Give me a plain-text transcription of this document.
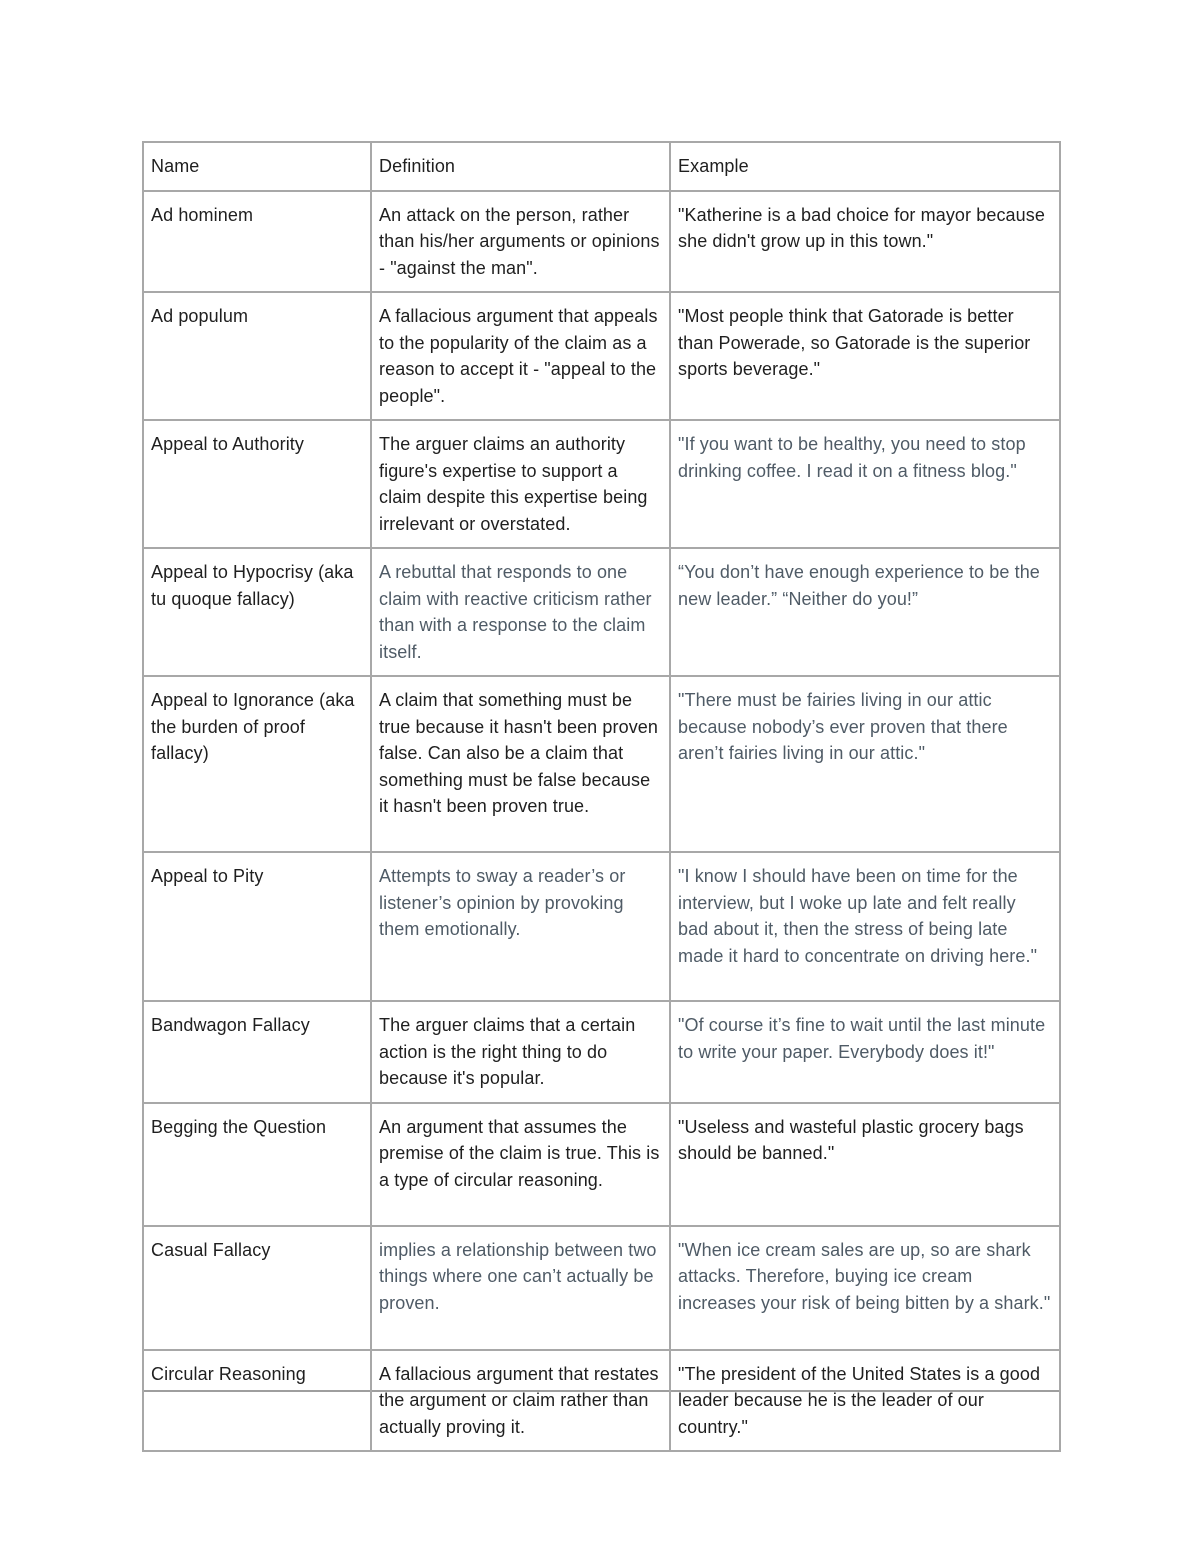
Name	Definition	Example
Ad hominem	An attack on the person, rather than his/her arguments or opinions - "against the man".	"Katherine is a bad choice for mayor because she didn't grow up in this town."
Ad populum	A fallacious argument that appeals to the popularity of the claim as a reason to accept it - "appeal to the people".	"Most people think that Gatorade is better than Powerade, so Gatorade is the superior sports beverage."
Appeal to Authority	The arguer claims an authority figure's expertise to support a claim despite this expertise being irrelevant or overstated.	"If you want to be healthy, you need to stop drinking coffee. I read it on a fitness blog."
Appeal to Hypocrisy (aka tu quoque fallacy)	A rebuttal that responds to one claim with reactive criticism rather than with a response to the claim itself.	“You don’t have enough experience to be the new leader.” “Neither do you!”
Appeal to Ignorance (aka the burden of proof fallacy)	A claim that something must be true because it hasn't been proven false. Can also be a claim that something must be false because it hasn't been proven true.	"There must be fairies living in our attic because nobody’s ever proven that there aren’t fairies living in our attic."
Appeal to Pity	Attempts to sway a reader’s or listener’s opinion by provoking them emotionally.	"I know I should have been on time for the interview, but I woke up late and felt really bad about it, then the stress of being late made it hard to concentrate on driving here."
Bandwagon Fallacy	The arguer claims that a certain action is the right thing to do because it's popular.	"Of course it’s fine to wait until the last minute to write your paper. Everybody does it!"
Begging the Question	An argument that assumes the premise of the claim is true. This is a type of circular reasoning.	"Useless and wasteful plastic grocery bags should be banned."
Casual Fallacy	implies a relationship between two things where one can’t actually be proven.	"When ice cream sales are up, so are shark attacks. Therefore, buying ice cream increases your risk of being bitten by a shark."
Circular Reasoning	A fallacious argument that restates the argument or claim rather than actually proving it.	"The president of the United States is a good leader because he is the leader of our country."
